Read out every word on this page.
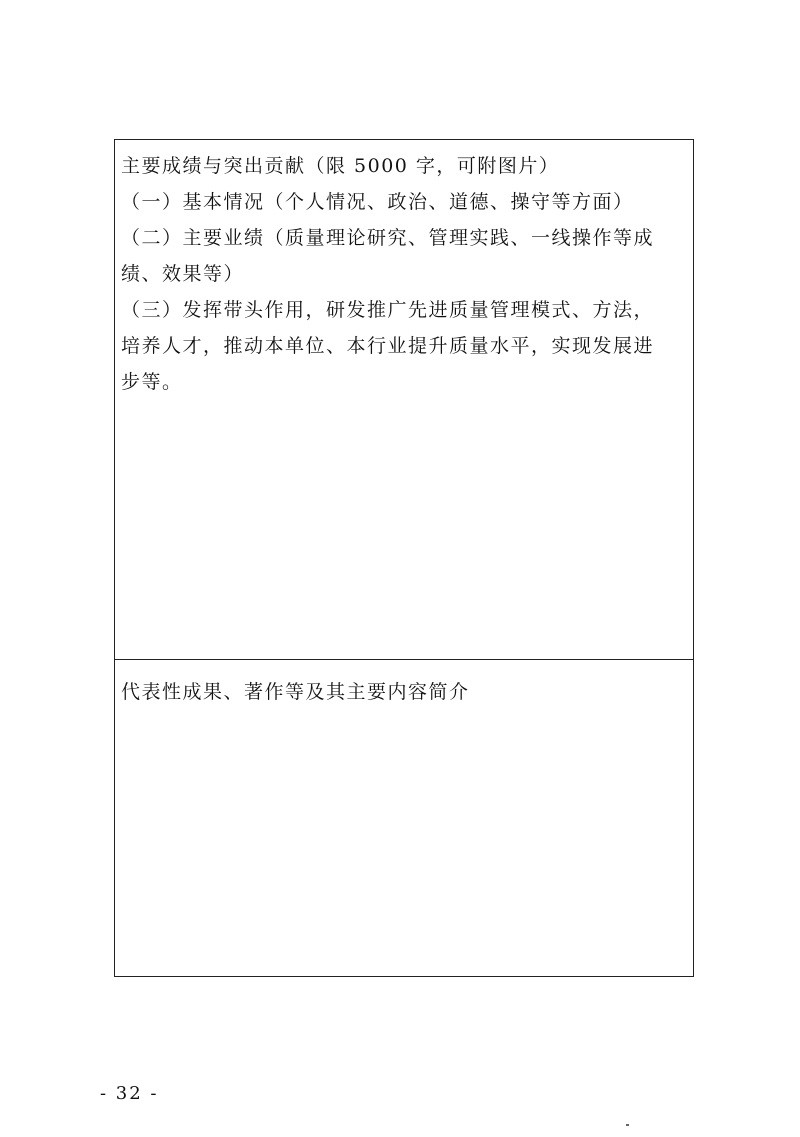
主要成绩与突出贡献（限 5000 字，可附图片）

（一）基本情况（个人情况、政治、道德、操守等方面）

（二）主要业绩（质量理论研究、管理实践、一线操作等成

绩、效果等）

（三）发挥带头作用，研发推广先进质量管理模式、方法，

培养人才，推动本单位、本行业提升质量水平，实现发展进

步等。

代表性成果、著作等及其主要内容简介

- 32 -
